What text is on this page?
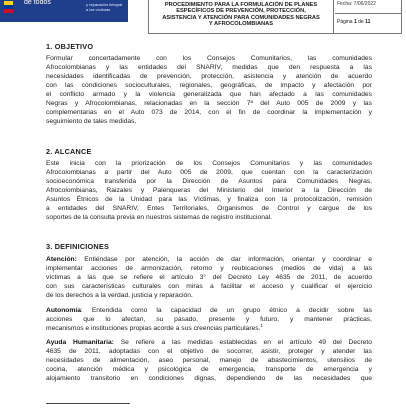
de todos	y reparación integral
a las víctimas
PROCEDIMIENTO PARA LA FORMULACIÓN DE PLANES
ESPECÍFICOS DE PREVENCIÓN, PROTECCIÓN,
ASISTENCIA Y ATENCIÓN PARA COMUNIDADES NEGRAS
Y AFROCOLOMBIANAS
Fecha: 7/06/2022
Página 1 de 11
1. OBJETIVO
Formular concertadamente con los Consejos Comunitarios, las comunidades
Afrocolombianas y las entidades del SNARIV, medidas que den respuesta a las
necesidades identificadas de prevención, protección, asistencia y atención de acuerdo
con las condiciones socioculturales, regionales, geográficas, de impacto y afectación por
el conflicto armado y la violencia generalizada que han afectado a las comunidades
Negras y Afrocolombianas, relacionadas en la sección 7ª del Auto 005 de 2009 y las
complementarias en el Auto 073 de 2014, con el fin de coordinar la implementación y
seguimiento de tales medidas.
2. ALCANCE
Este inicia con la priorización de los Consejos Comunitarios y las comunidades
Afrocolombianas a partir del Auto 005 de 2009, que cuentan con la caracterización
socioeconómica transferida por la Dirección de Asuntos para Comunidades Negras,
Afrocolombianas, Raizales y Palenqueras del Ministerio del Interior a la Dirección de
Asuntos Étnicos de la Unidad para las Víctimas, y finaliza con la protocolización, remisión
a entidades del SNARIV, Entes Territoriales, Organismos de Control y cargue de los
soportes de la consulta previa en nuestros sistemas de registro institucional.
3. DEFINICIONES
Atención: Entiéndase por atención, la acción de dar información, orientar y coordinar e
implementar acciones de armonización, retorno y reubicaciones (medios de vida) a las
víctimas a las que se refiere el artículo 3° del Decreto Ley 4635 de 2011, de acuerdo
con sus características culturales con miras a facilitar el acceso y cualificar el ejercicio
de los derechos a la verdad, justicia y reparación.
Autonomía: Entendida como la capacidad de un grupo étnico a decidir sobre las
acciones que lo afectan, su pasado, presente y futuro, y mantener prácticas,
mecanismos e instituciones propias acorde a sus creencias particulares.$^1$
Ayuda Humanitaria: Se refiere a las medidas establecidas en el artículo 49 del Decreto
4635 de 2011, adoptadas con el objetivo de socorrer, asistir, proteger y atender las
necesidades de alimentación, aseo personal, manejo de abastecimientos, utensilios de
cocina, atención médica y psicológica de emergencia, transporte de emergencia y
alojamiento transitorio en condiciones dignas, dependiendo de las necesidades que
